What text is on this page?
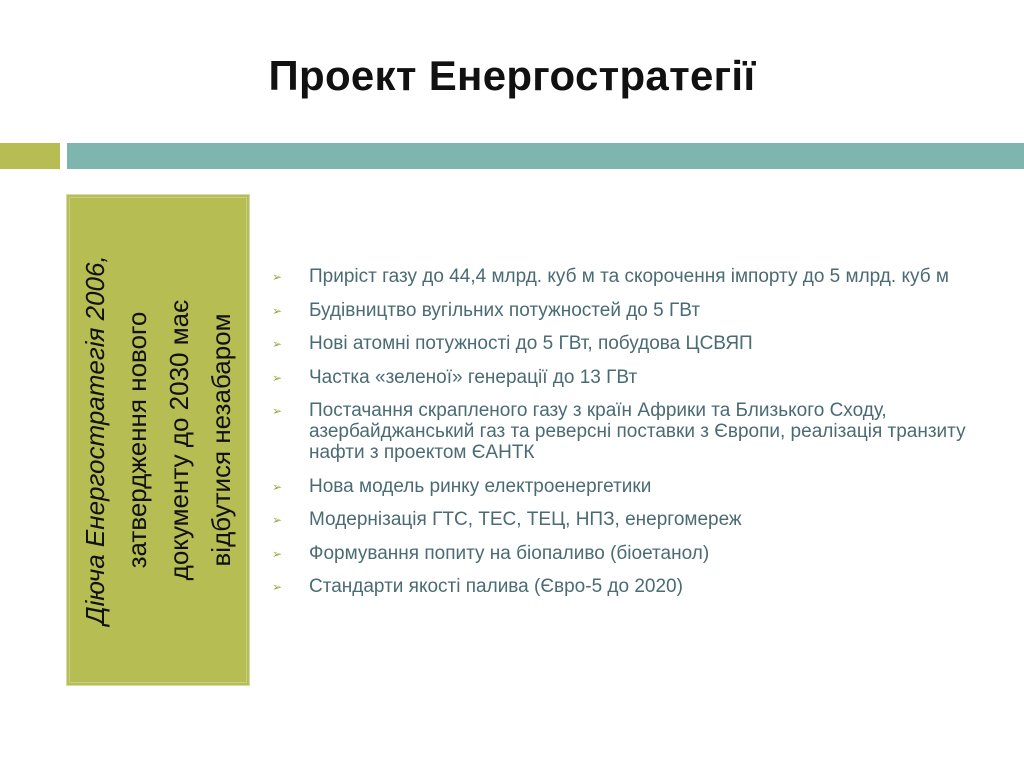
Проект Енергостратегії
Діюча Енергостратегія 2006, затвердження нового документу до 2030 має відбутися незабаром
➢ Приріст газу до 44,4 млрд. куб м та скорочення імпорту до 5 млрд. куб м
➢ Будівництво вугільних потужностей до 5 ГВт
➢ Нові атомні потужності до 5 ГВт, побудова ЦСВЯП
➢ Частка «зеленої» генерації до 13 ГВт
➢ Постачання скрапленого газу з країн Африки та Близького Сходу, азербайджанський газ та реверсні поставки з Європи, реалізація транзиту нафти з проектом ЄАНТК
➢ Нова модель ринку електроенергетики
➢ Модернізація ГТС, ТЕС, ТЕЦ, НПЗ, енергомереж
➢ Формування попиту на біопаливо (біоетанол)
➢ Стандарти якості палива (Євро-5 до 2020)
